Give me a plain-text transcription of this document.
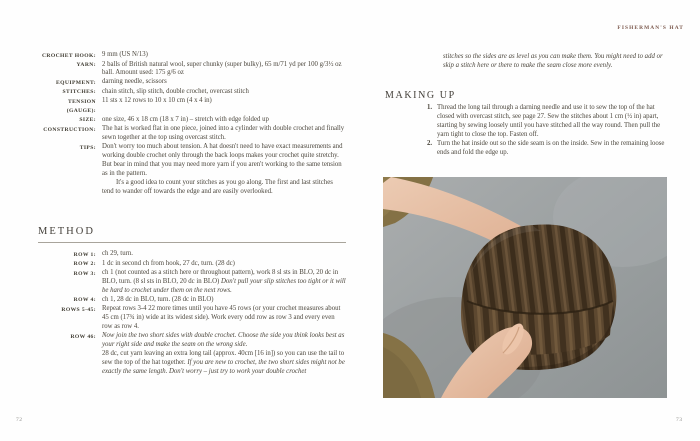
CROCHET HOOK: 9 mm (US N/13)
YARN: 2 balls of British natural wool, super chunky (super bulky), 65 m/71 yd per 100 g/3½ oz ball. Amount used: 175 g/6 oz
EQUIPMENT: darning needle, scissors
STITCHES: chain stitch, slip stitch, double crochet, overcast stitch
TENSION (GAUGE):
11 sts x 12 rows to 10 x 10 cm (4 x 4 in)
SIZE: one size, 46 x 18 cm (18 x 7 in) – stretch with edge folded up
CONSTRUCTION: The hat is worked flat in one piece, joined into a cylinder with double crochet and finally sewn together at the top using overcast stitch.
TIPS: Don't worry too much about tension. A hat doesn't need to have exact measurements and working double crochet only through the back loops makes your crochet quite stretchy. But bear in mind that you may need more yarn if you aren't working to the same tension as in the pattern.
It's a good idea to count your stitches as you go along. The first and last stitches tend to wander off towards the edge and are easily overlooked.
METHOD
ROW 1: ch 29, turn.
ROW 2: 1 dc in second ch from hook, 27 dc, turn. (28 dc)
ROW 3: ch 1 (not counted as a stitch here or throughout pattern), work 8 sl sts in BLO, 20 dc in BLO, turn. (8 sl sts in BLO, 20 dc in BLO) Don't pull your slip stitches too tight or it will be hard to crochet under them on the next rows.
ROW 4: ch 1, 28 dc in BLO, turn. (28 dc in BLO)
ROWS 5-45: Repeat rows 3-4 22 more times until you have 45 rows (or your crochet measures about 45 cm (17¾ in) wide at its widest side). Work every odd row as row 3 and every even row as row 4.
ROW 46: Now join the two short sides with double crochet. Choose the side you think looks best as your right side and make the seam on the wrong side.
28 dc, cut yarn leaving an extra long tail (approx. 40cm [16 in]) so you can use the tail to sew the top of the hat together. If you are new to crochet, the two short sides might not be exactly the same length. Don't worry – just try to work your double crochet
FISHERMAN'S HAT
stitches so the sides are as level as you can make them. You might need to add or skip a stitch here or there to make the seam close more evenly.
MAKING UP
1. Thread the long tail through a darning needle and use it to sew the top of the hat closed with overcast stitch, see page 27. Sew the stitches about 1 cm (½ in) apart, starting by sewing loosely until you have stitched all the way round. Then pull the yarn tight to close the top. Fasten off.
2. Turn the hat inside out so the side seam is on the inside. Sew in the remaining loose ends and fold the edge up.
72	73
